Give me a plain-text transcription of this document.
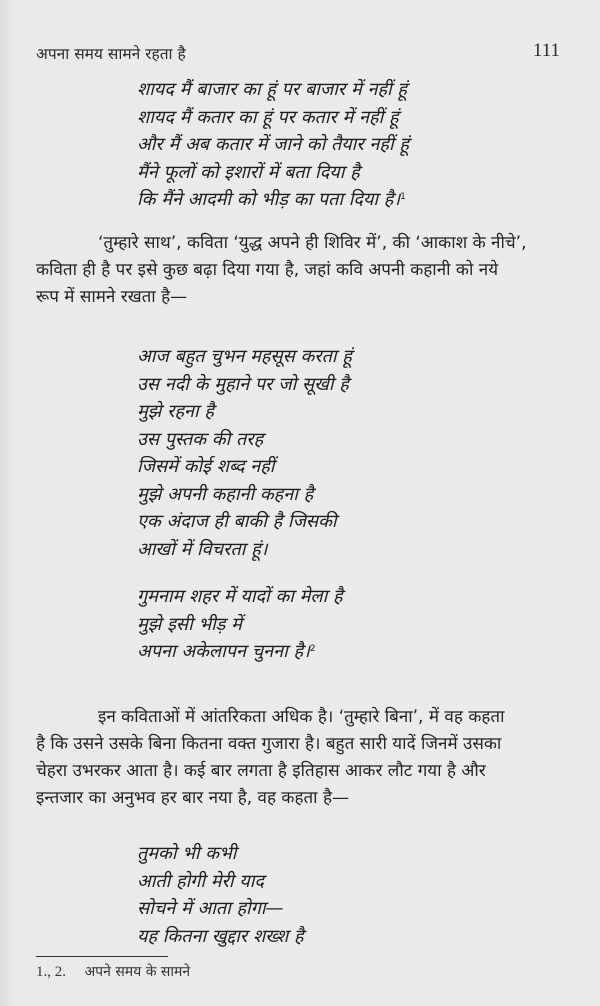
अपना समय सामने रहता है	111
शायद मैं बाजार का हूं पर बाजार में नहीं हूं
शायद मैं कतार का हूं पर कतार में नहीं हूं
और मैं अब कतार में जाने को तैयार नहीं हूं
मैंने फूलों को इशारों में बता दिया है
कि मैंने आदमी को भीड़ का पता दिया है।$^1$
‘तुम्हारे साथ’, कविता ‘युद्ध अपने ही शिविर में’, की ‘आकाश के नीचे’,
कविता ही है पर इसे कुछ बढ़ा दिया गया है, जहां कवि अपनी कहानी को नये
रूप में सामने रखता है—
आज बहुत चुभन महसूस करता हूं
उस नदी के मुहाने पर जो सूखी है
मुझे रहना है
उस पुस्तक की तरह
जिसमें कोई शब्द नहीं
मुझे अपनी कहानी कहना है
एक अंदाज ही बाकी है जिसकी
आखों में विचरता हूं।
गुमनाम शहर में यादों का मेला है
मुझे इसी भीड़ में
अपना अकेलापन चुनना है।$^2$
इन कविताओं में आंतरिकता अधिक है। ‘तुम्हारे बिना’, में वह कहता
है कि उसने उसके बिना कितना वक्त गुजारा है। बहुत सारी यादें जिनमें उसका
चेहरा उभरकर आता है। कई बार लगता है इतिहास आकर लौट गया है और
इन्तजार का अनुभव हर बार नया है, वह कहता है—
तुमको भी कभी
आती होगी मेरी याद
सोचने में आता होगा—
यह कितना खुद्दार शख्श है
1., 2. अपने समय के सामने
